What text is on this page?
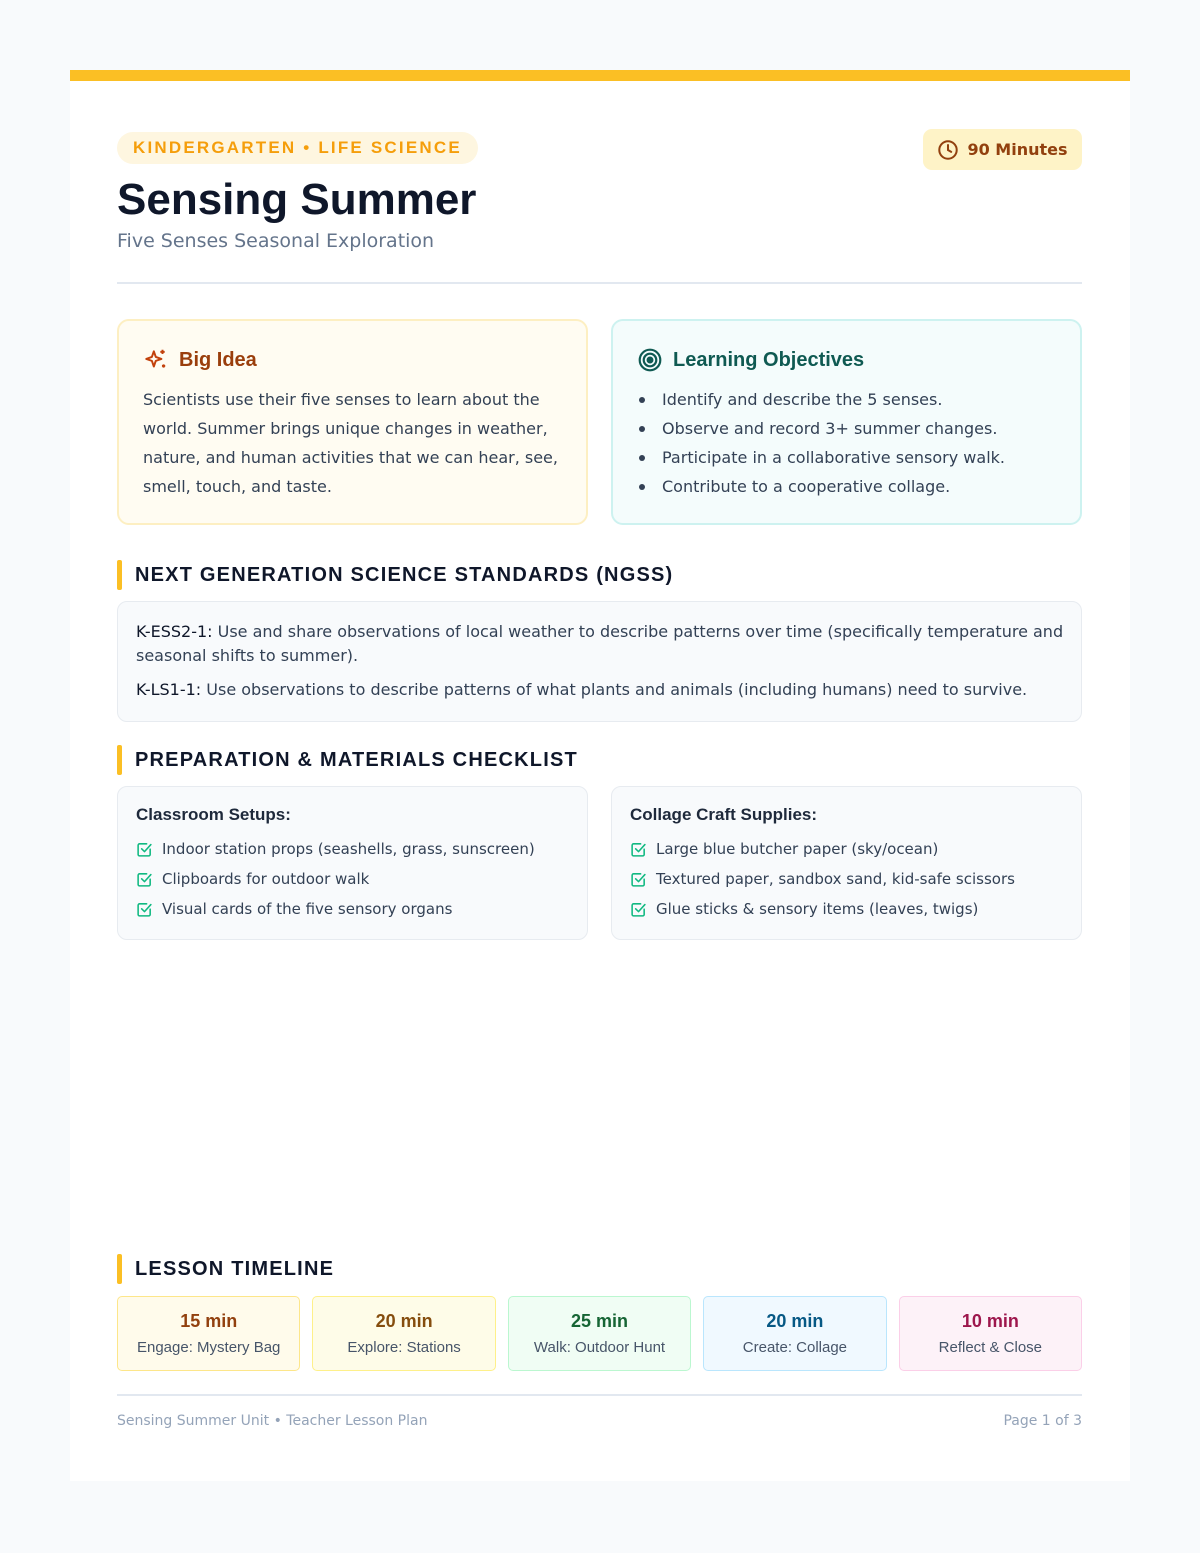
KINDERGARTEN • LIFE SCIENCE	90 Minutes
Sensing Summer
Five Senses Seasonal Exploration
Big Idea

Scientists use their five senses to learn about the world. Summer brings unique changes in weather, nature, and human activities that we can hear, see, smell, touch, and taste.

Learning Objectives
Identify and describe the 5 senses.
Observe and record 3+ summer changes.
Participate in a collaborative sensory walk.
Contribute to a cooperative collage.
NEXT GENERATION SCIENCE STANDARDS (NGSS)

K-ESS2-1: Use and share observations of local weather to describe patterns over time (specifically temperature and seasonal shifts to summer).

K-LS1-1: Use observations to describe patterns of what plants and animals (including humans) need to survive.

PREPARATION & MATERIALS CHECKLIST
Classroom Setups:
Indoor station props (seashells, grass, sunscreen)
Clipboards for outdoor walk
Visual cards of the five sensory organs
Collage Craft Supplies:
Large blue butcher paper (sky/ocean)
Textured paper, sandbox sand, kid-safe scissors
Glue sticks & sensory items (leaves, twigs)
LESSON TIMELINE
15 min
Engage: Mystery Bag
20 min
Explore: Stations
25 min
Walk: Outdoor Hunt
20 min
Create: Collage
10 min
Reflect & Close
Sensing Summer Unit • Teacher Lesson Plan	Page 1 of 3
